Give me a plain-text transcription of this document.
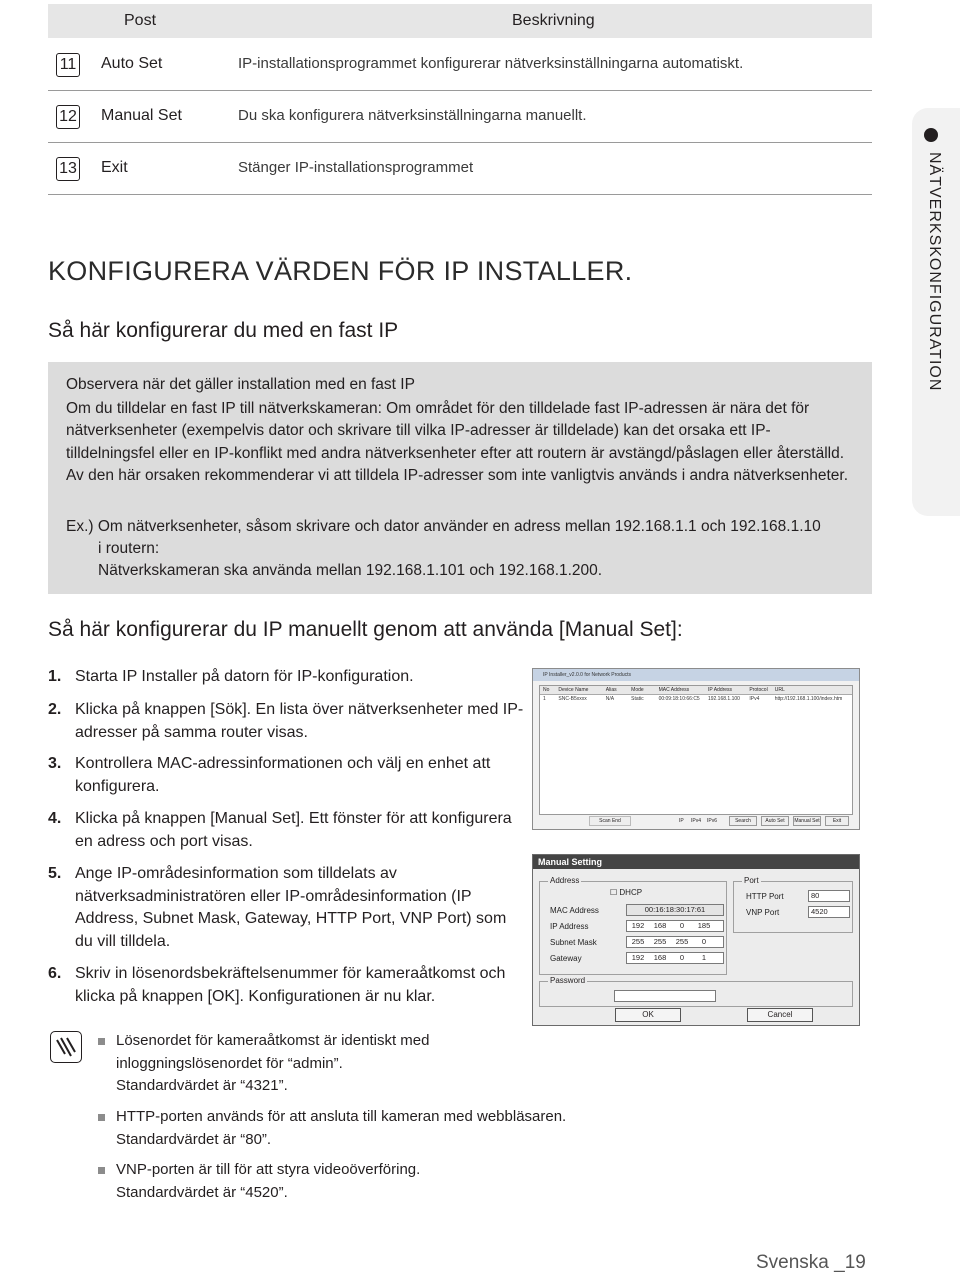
Post	Beskrivning
11 Auto Set	IP-installationsprogrammet konfigurerar nätverksinställningarna automatiskt.
12 Manual Set	Du ska konfigurera nätverksinställningarna manuellt.
13 Exit	Stänger IP-installationsprogrammet
KONFIGURERA VÄRDEN FÖR IP INSTALLER.
Så här konfigurerar du med en fast IP

Observera när det gäller installation med en fast IP

Om du tilldelar en fast IP till nätverkskameran: Om området för den tilldelade fast IP-adressen är nära det för nätverksenheter (exempelvis dator och skrivare till vilka IP-adresser är tilldelade) kan det orsaka ett IP-tilldelningsfel eller en IP-konflikt med andra nätverksenheter efter att routern är avstängd/påslagen eller återställd. Av den här orsaken rekommenderar vi att tilldela IP-adresser som inte vanligtvis används i andra nätverksenheter.

Ex.) Om nätverksenheter, såsom skrivare och dator använder en adress mellan 192.168.1.1 och 192.168.1.10

i routern:

Nätverkskameran ska använda mellan 192.168.1.101 och 192.168.1.200.

Så här konfigurerar du IP manuellt genom att använda [Manual Set]:
1. Starta IP Installer på datorn för IP-konfiguration.
2. Klicka på knappen [Sök]. En lista över nätverksenheter med IP-adresser på samma router visas.
3. Kontrollera MAC-adressinformationen och välj en enhet att konfigurera.
4. Klicka på knappen [Manual Set]. Ett fönster för att konfigurera en adress och port visas.
5. Ange IP-områdesinformation som tilldelats av nätverksadministratören eller IP-områdesinformation (IP Address, Subnet Mask, Gateway, HTTP Port, VNP Port) som du vill tilldela.
6. Skriv in lösenordsbekräftelsenummer för kameraåtkomst och klicka på knappen [OK]. Konfigurationen är nu klar.
IP Installer_v2.0.0 for Network Products
No Device Name	Alias	Mode	MAC Address	IP Address	Protocol URL
1	SNC-B5xxxx	N/A	Static	00:09:18:10:66:C5 192.168.1.100 IPv4	http://192.168.1.100/index.htm
Scan End	IP IPv4 IPv6	Search	Auto Set	Manual Set	Exit
Manual Setting
Address
☐ DHCP
MAC Address	00:16:18:30:17:61
IP Address	192 168 0 185
Subnet Mask	255 255 255 0
Gateway	192 168 0 1
Port
HTTP Port	80
VNP Port	4520
Password
OK	Cancel
Lösenordet för kameraåtkomst är identiskt med
inloggningslösenordet för “admin”.
Standardvärdet är “4321”.
HTTP-porten används för att ansluta till kameran med webbläsaren.
Standardvärdet är “80”.
VNP-porten är till för att styra videoöverföring.
Standardvärdet är “4520”.
NÄTVERKSKONFIGURATION
Svenska _19
